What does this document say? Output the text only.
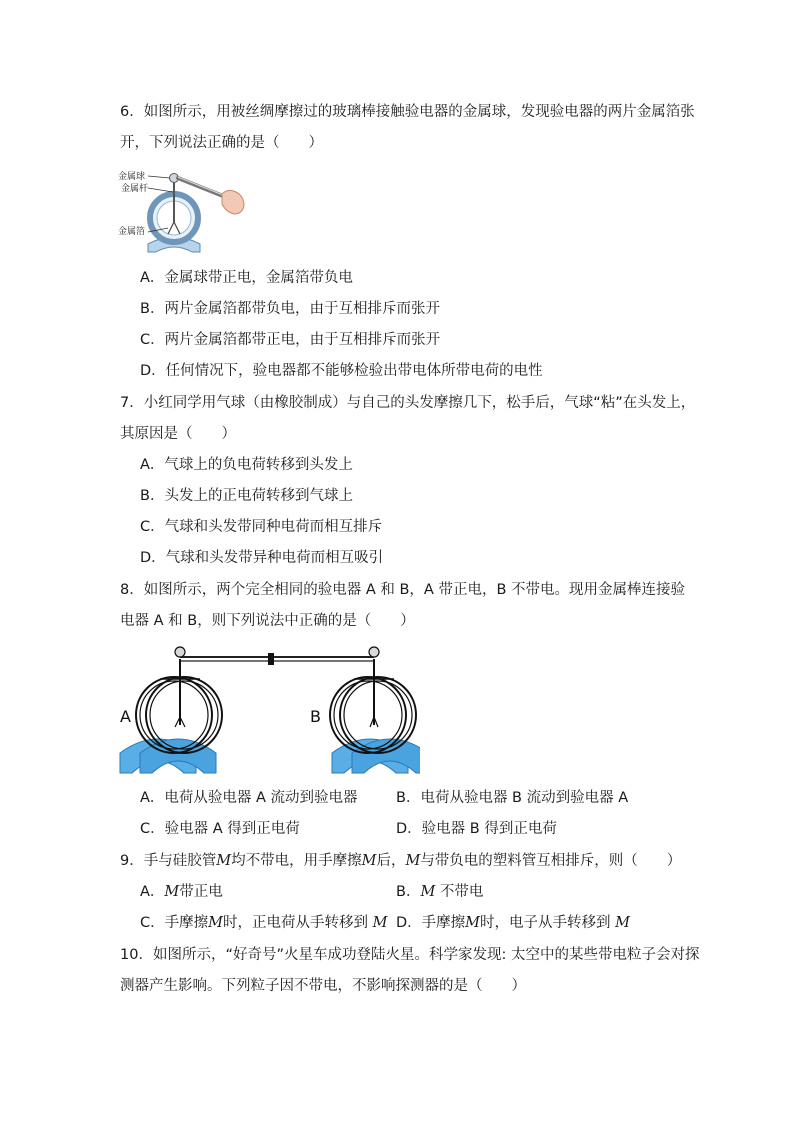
6．如图所示，用被丝绸摩擦过的玻璃棒接触验电器的金属球，发现验电器的两片金属箔张
开，下列说法正确的是（　　）
金属球
金属杆
金属箔
A．金属球带正电，金属箔带负电
B．两片金属箔都带负电，由于互相排斥而张开
C．两片金属箔都带正电，由于互相排斥而张开
D．任何情况下，验电器都不能够检验出带电体所带电荷的电性
7．小红同学用气球（由橡胶制成）与自己的头发摩擦几下，松手后，气球“粘”在头发上，
其原因是（　　）
A．气球上的负电荷转移到头发上
B．头发上的正电荷转移到气球上
C．气球和头发带同种电荷而相互排斥
D．气球和头发带异种电荷而相互吸引
8．如图所示，两个完全相同的验电器 A 和 B，A 带正电，B 不带电。现用金属棒连接验
电器 A 和 B，则下列说法中正确的是（　　）
A	B
A．电荷从验电器 A 流动到验电器	B．电荷从验电器 B 流动到验电器 A
C．验电器 A 得到正电荷	D．验电器 B 得到正电荷
9．手与硅胶管M均不带电，用手摩擦M后，M与带负电的塑料管互相排斥，则（　　）
A．M带正电	B．M 不带电
C．手摩擦M时，正电荷从手转移到 M D．手摩擦M时，电子从手转移到 M
10．如图所示，“好奇号”火星车成功登陆火星。科学家发现: 太空中的某些带电粒子会对探
测器产生影响。下列粒子因不带电，不影响探测器的是（　　）
